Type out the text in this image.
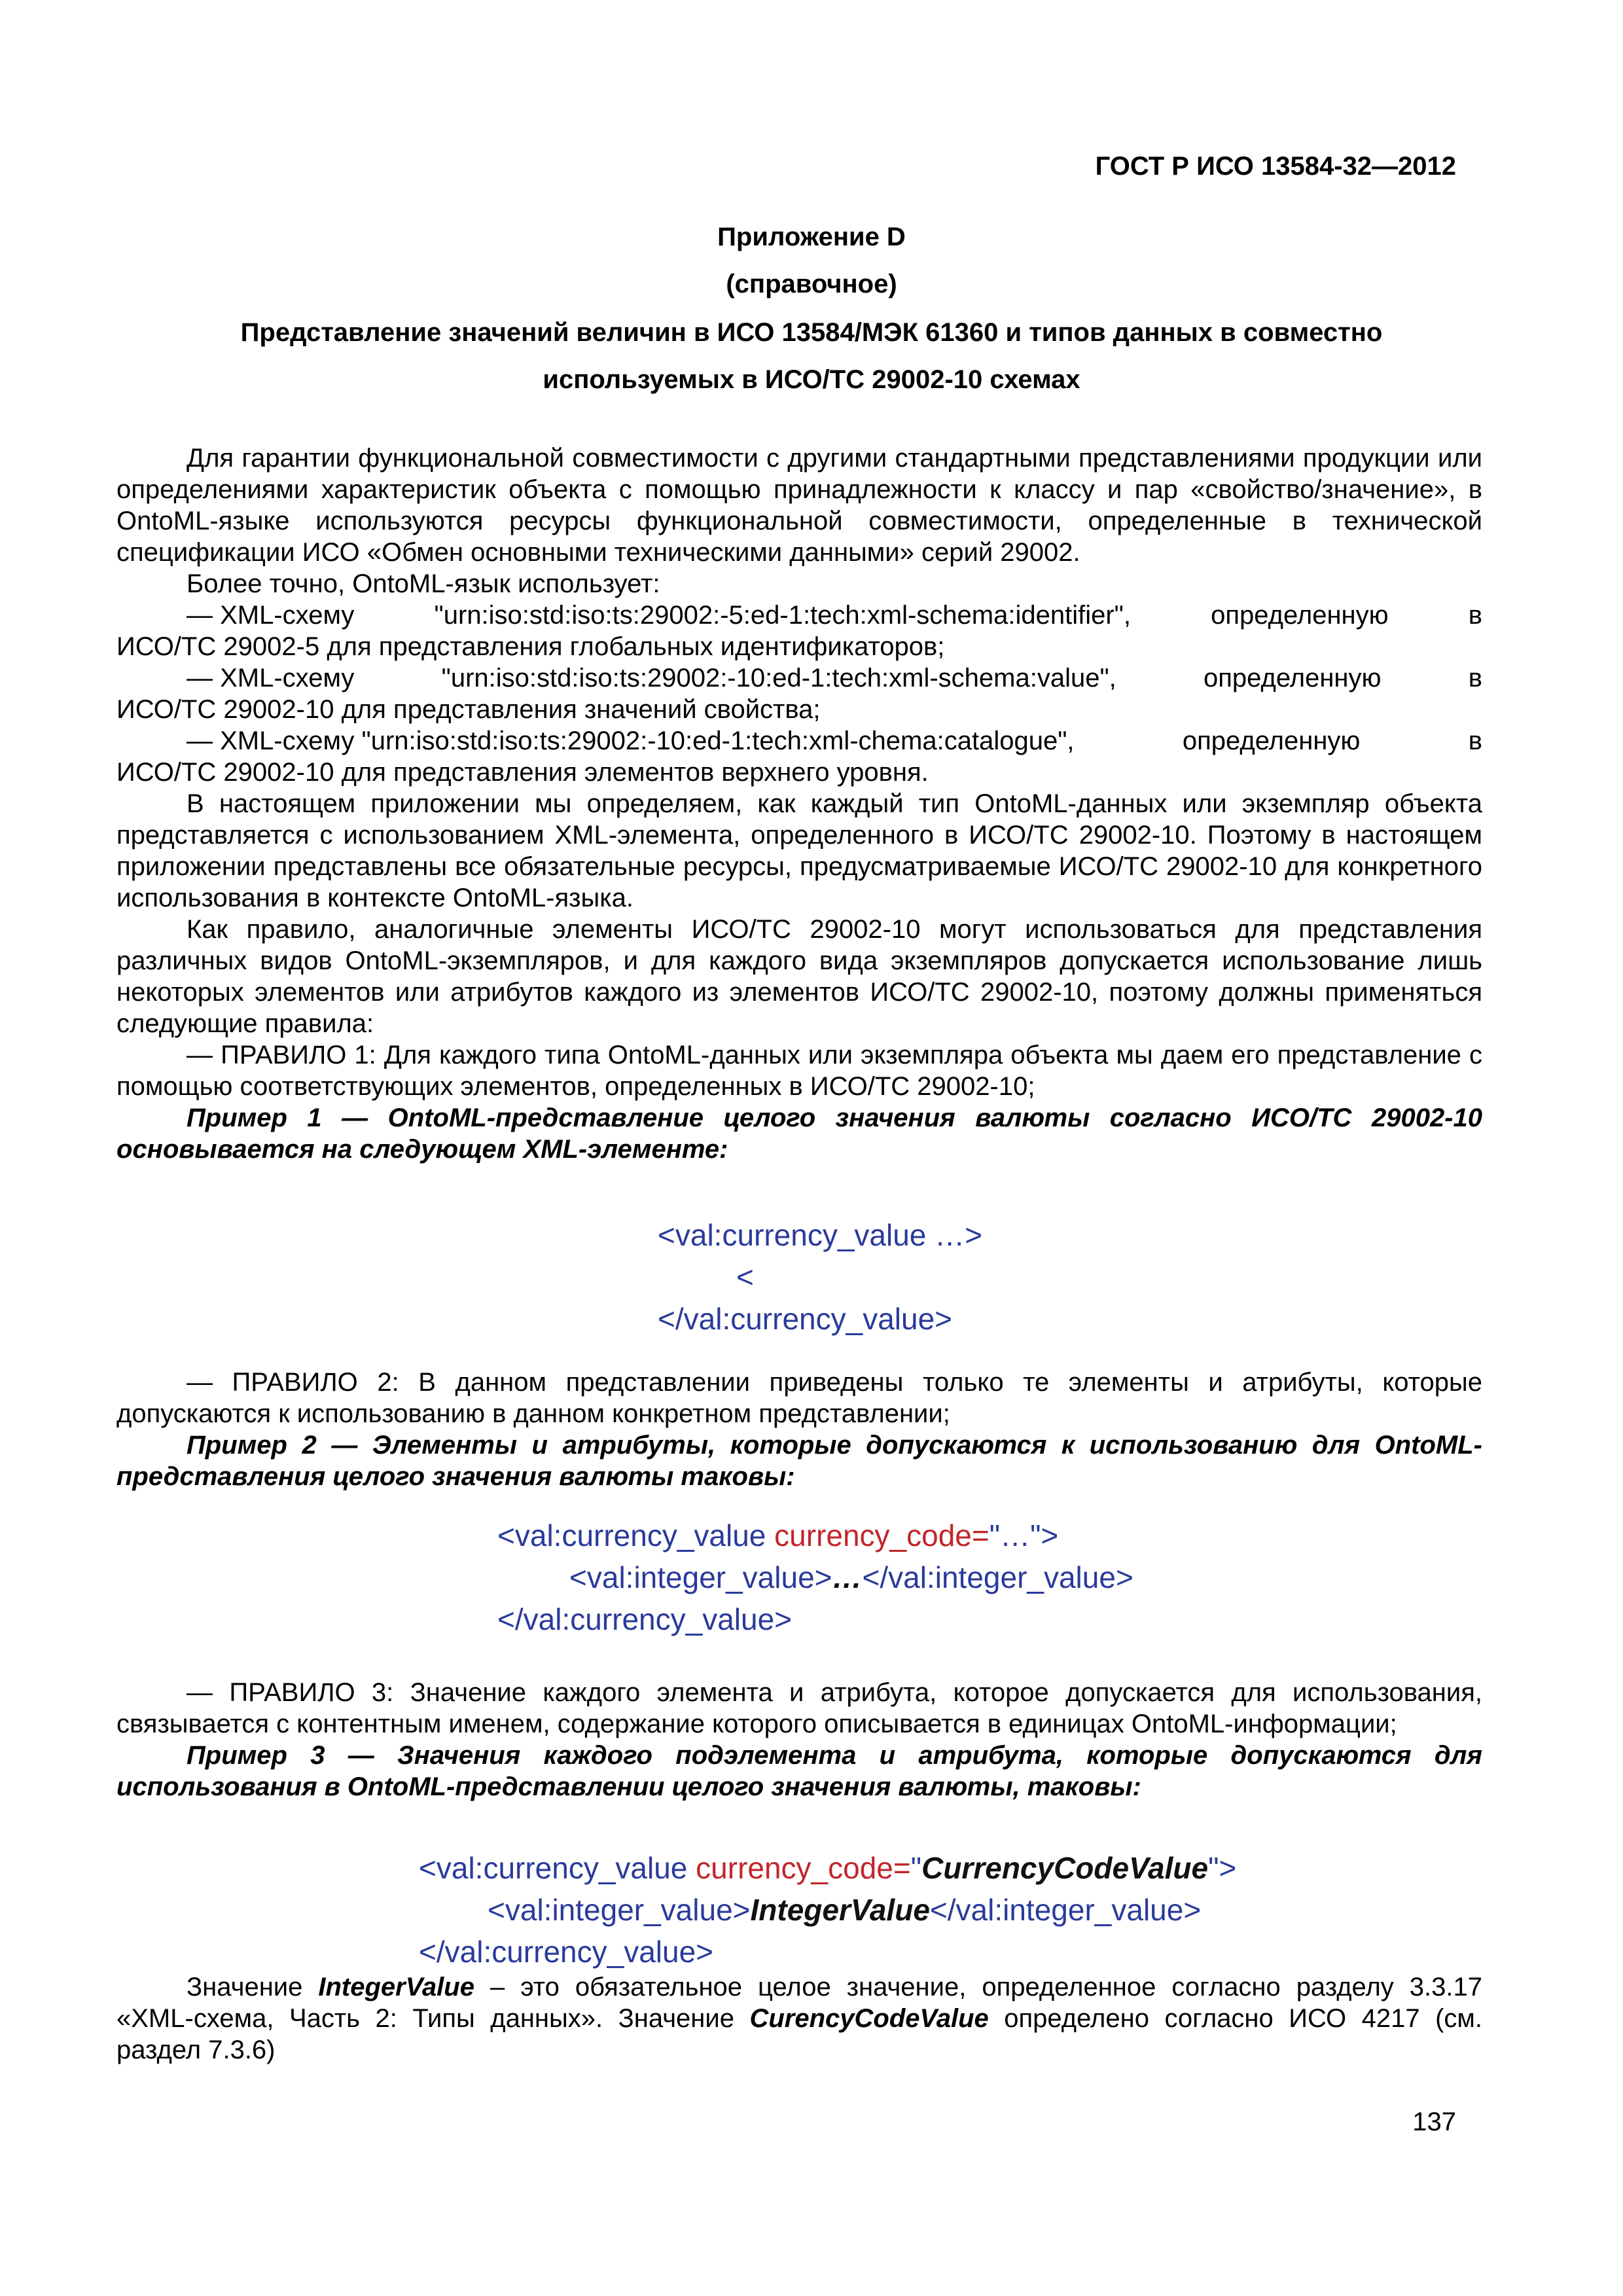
ГОСТ Р ИСО 13584-32—2012
Приложение D
(справочное)
Представление значений величин в ИСО 13584/МЭК 61360 и типов данных в совместно
используемых в ИСО/ТС 29002-10 схемах

Для гарантии функциональной совместимости с другими стандартными представлениями продукции или определениями характеристик объекта с помощью принадлежности к классу и пар «свойство/значение», в OntoML-языке используются ресурсы функциональной совместимости, определенные в технической спецификации ИСО «Обмен основными техническими данными» серий 29002.

Более точно, OntoML-язык использует:

— XML-схему	"urn:iso:std:iso:ts:29002:-5:ed-1:tech:xml-schema:identifier",	определенную	в

ИСО/ТС 29002-5 для представления глобальных идентификаторов;

— XML-схему	"urn:iso:std:iso:ts:29002:-10:ed-1:tech:xml-schema:value",	определенную	в

ИСО/ТС 29002-10 для представления значений свойства;

— XML-схему "urn:iso:std:iso:ts:29002:-10:ed-1:tech:xml-chema:catalogue",	определенную	в

ИСО/ТС 29002-10 для представления элементов верхнего уровня.

В настоящем приложении мы определяем, как каждый тип OntoML-данных или экземпляр объекта представляется с использованием XML-элемента, определенного в ИСО/ТС 29002-10. Поэтому в настоящем приложении представлены все обязательные ресурсы, предусматриваемые ИСО/ТС 29002-10 для конкретного использования в контексте OntoML-языка.

Как правило, аналогичные элементы ИСО/ТС 29002-10 могут использоваться для представления различных видов OntoML-экземпляров, и для каждого вида экземпляров допускается использование лишь некоторых элементов или атрибутов каждого из элементов ИСО/ТС 29002-10, поэтому должны применяться следующие правила:

— ПРАВИЛО 1: Для каждого типа OntoML-данных или экземпляра объекта мы даем его представление с помощью соответствующих элементов, определенных в ИСО/ТС 29002-10;

Пример 1 — OntoML-представление целого значения валюты согласно ИСО/ТС 29002-10 основывается на следующем XML-элементе:

<val:currency_value …>
<
</val:currency_value>

— ПРАВИЛО 2: В данном представлении приведены только те элементы и атрибуты, которые допускаются к использованию в данном конкретном представлении;

Пример 2 — Элементы и атрибуты, которые допускаются к использованию для OntoML-представления целого значения валюты таковы:

<val:currency_value currency_code="…">
<val:integer_value>…</val:integer_value>
</val:currency_value>

— ПРАВИЛО 3: Значение каждого элемента и атрибута, которое допускается для использования, связывается с контентным именем, содержание которого описывается в единицах OntoML-информации;

Пример 3 — Значения каждого подэлемента и атрибута, которые допускаются для использования в OntoML-представлении целого значения валюты, таковы:

<val:currency_value currency_code="CurrencyCodeValue">
<val:integer_value>IntegerValue</val:integer_value>
</val:currency_value>

Значение IntegerValue – это обязательное целое значение, определенное согласно разделу 3.3.17 «XML-схема, Часть 2: Типы данных». Значение CurencyCodeValue определено согласно ИСО 4217 (см. раздел 7.3.6)

137
